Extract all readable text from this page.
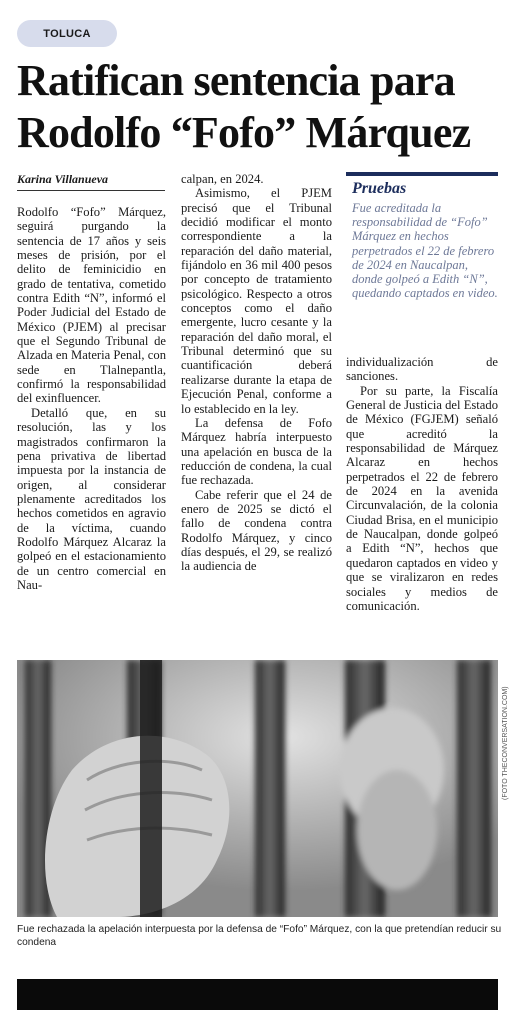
TOLUCA
Ratifican sentencia para Rodolfo “Fofo” Márquez
Karina Villanueva

Rodolfo “Fofo” Márquez, seguirá purgando la sentencia de 17 años y seis meses de prisión, por el delito de feminicidio en grado de tentativa, cometido contra Edith “N”, informó el Poder Judicial del Estado de México (PJEM) al precisar que el Segundo Tribunal de Alzada en Materia Penal, con sede en Tlalnepantla, confirmó la responsabilidad del exinfluencer.

Detalló que, en su resolución, las y los magistrados confirmaron la pena privativa de libertad impuesta por la instancia de origen, al considerar plenamente acreditados los hechos cometidos en agravio de la víctima, cuando Rodolfo Márquez Alcaraz la golpeó en el estacionamiento de un centro comercial en Nau-

calpan, en 2024.

Asimismo, el PJEM precisó que el Tribunal decidió modificar el monto correspondiente a la reparación del daño material, fijándolo en 36 mil 400 pesos por concepto de tratamiento psicológico. Respecto a otros conceptos como el daño emergente, lucro cesante y la reparación del daño moral, el Tribunal determinó que su cuantificación deberá realizarse durante la etapa de Ejecución Penal, conforme a lo establecido en la ley.

La defensa de Fofo Márquez habría interpuesto una apelación en busca de la reducción de condena, la cual fue rechazada.

Cabe referir que el 24 de enero de 2025 se dictó el fallo de condena contra Rodolfo Márquez, y cinco días después, el 29, se realizó la audiencia de

Pruebas
Fue acreditada la responsabilidad de “Fofo” Márquez en hechos perpetrados el 22 de febrero de 2024 en Naucalpan, donde golpeó a Edith “N”, quedando captados en video.

individualización de sanciones.

Por su parte, la Fiscalía General de Justicia del Estado de México (FGJEM) señaló que acreditó la responsabilidad de Márquez Alcaraz en hechos perpetrados el 22 de febrero de 2024 en la avenida Circunvalación, de la colonia Ciudad Brisa, en el municipio de Naucalpan, donde golpeó a Edith “N”, hechos que quedaron captados en video y que se viralizaron en redes sociales y medios de comunicación.

(FOTO THECONVERSATION.COM)

Fue rechazada la apelación interpuesta por la defensa de “Fofo” Márquez, con la que pretendían reducir su condena
